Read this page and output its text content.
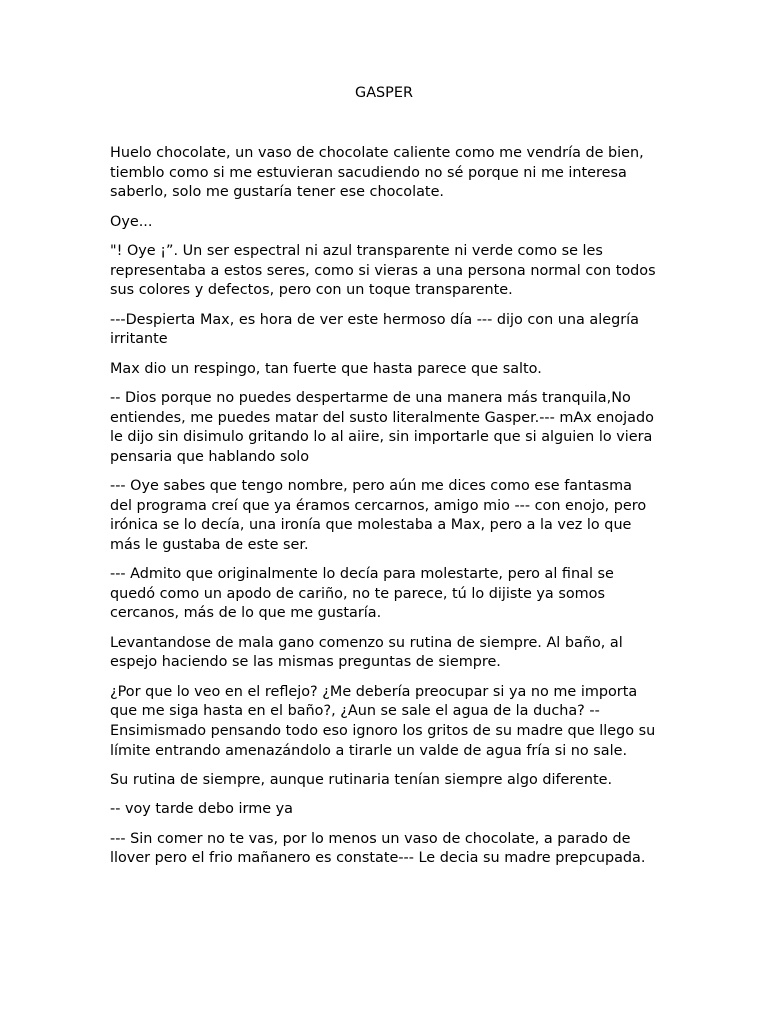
GASPER

Huelo chocolate, un vaso de chocolate caliente como me vendría de bien, tiemblo como si me estuvieran sacudiendo no sé porque ni me interesa saberlo, solo me gustaría tener ese chocolate.

Oye...

"! Oye ¡”. Un ser espectral ni azul transparente ni verde como se les representaba a estos seres, como si vieras a una persona normal con todos sus colores y defectos, pero con un toque transparente.

---Despierta Max, es hora de ver este hermoso día --- dijo con una alegría irritante

Max dio un respingo, tan fuerte que hasta parece que salto.

-- Dios porque no puedes despertarme de una manera más tranquila,No entiendes, me puedes matar del susto literalmente Gasper.--- mAx enojado le dijo sin disimulo gritando lo al aiire, sin importarle que si alguien lo viera pensaria que hablando solo

--- Oye sabes que tengo nombre, pero aún me dices como ese fantasma del programa creí que ya éramos cercarnos, amigo mio --- con enojo, pero irónica se lo decía, una ironía que molestaba a Max, pero a la vez lo que más le gustaba de este ser.

--- Admito que originalmente lo decía para molestarte, pero al final se quedó como un apodo de cariño, no te parece, tú lo dijiste ya somos cercanos, más de lo que me gustaría.

Levantandose de mala gano comenzo su rutina de siempre. Al baño, al espejo haciendo se las mismas preguntas de siempre.

¿Por que lo veo en el reflejo? ¿Me debería preocupar si ya no me importa que me siga hasta en el baño?, ¿Aun se sale el agua de la ducha? -- Ensimismado pensando todo eso ignoro los gritos de su madre que llego su límite entrando amenazándolo a tirarle un valde de agua fría si no sale.

Su rutina de siempre, aunque rutinaria tenían siempre algo diferente.

-- voy tarde debo irme ya

--- Sin comer no te vas, por lo menos un vaso de chocolate, a parado de llover pero el frio mañanero es constate--- Le decia su madre prepcupada.
